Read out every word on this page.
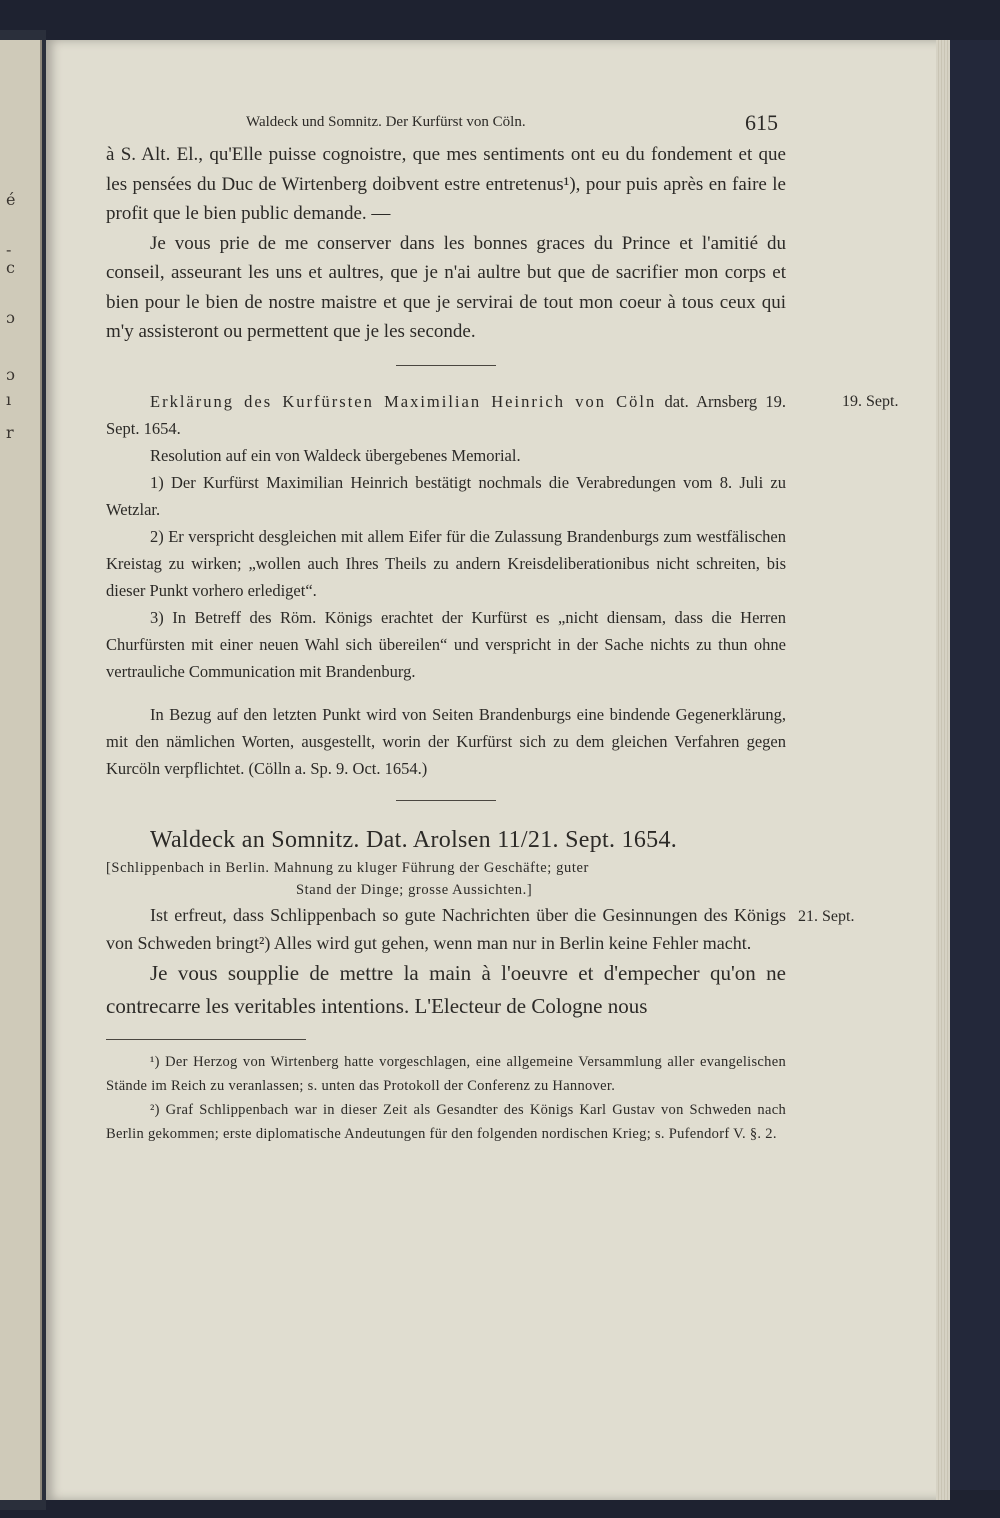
é
-
c
ɔ
ɔ
ı
r
Waldeck und Somnitz. Der Kurfürst von Cöln.	615

à S. Alt. El., qu'Elle puisse cognoistre, que mes sentiments ont eu du fondement et que les pensées du Duc de Wirtenberg doibvent estre entretenus¹), pour puis après en faire le profit que le bien public demande. —

Je vous prie de me conserver dans les bonnes graces du Prince et l'amitié du conseil, asseurant les uns et aultres, que je n'ai aultre but que de sacrifier mon corps et bien pour le bien de nostre maistre et que je servirai de tout mon coeur à tous ceux qui m'y assisteront ou permettent que je les seconde.

19. Sept.
Erklärung des Kurfürsten Maximilian Heinrich von Cöln dat. Arnsberg 19. Sept. 1654.

Resolution auf ein von Waldeck übergebenes Memorial.

1) Der Kurfürst Maximilian Heinrich bestätigt nochmals die Verabredungen vom 8. Juli zu Wetzlar.

2) Er verspricht desgleichen mit allem Eifer für die Zulassung Brandenburgs zum westfälischen Kreistag zu wirken; „wollen auch Ihres Theils zu andern Kreisdeliberationibus nicht schreiten, bis dieser Punkt vorhero erlediget“.

3) In Betreff des Röm. Königs erachtet der Kurfürst es „nicht diensam, dass die Herren Churfürsten mit einer neuen Wahl sich übereilen“ und verspricht in der Sache nichts zu thun ohne vertrauliche Communication mit Brandenburg.

In Bezug auf den letzten Punkt wird von Seiten Brandenburgs eine bindende Gegenerklärung, mit den nämlichen Worten, ausgestellt, worin der Kurfürst sich zu dem gleichen Verfahren gegen Kurcöln verpflichtet. (Cölln a. Sp. 9. Oct. 1654.)

Waldeck an Somnitz. Dat. Arolsen 11/21. Sept. 1654.

[Schlippenbach in Berlin. Mahnung zu kluger Führung der Geschäfte; guter

Stand der Dinge; grosse Aussichten.]

21. Sept.
Ist erfreut, dass Schlippenbach so gute Nachrichten über die Gesinnungen des Königs von Schweden bringt²) Alles wird gut gehen, wenn man nur in Berlin keine Fehler macht.

Je vous soupplie de mettre la main à l'oeuvre et d'empecher qu'on ne contrecarre les veritables intentions. L'Electeur de Cologne nous

¹) Der Herzog von Wirtenberg hatte vorgeschlagen, eine allgemeine Versammlung aller evangelischen Stände im Reich zu veranlassen; s. unten das Protokoll der Conferenz zu Hannover.

²) Graf Schlippenbach war in dieser Zeit als Gesandter des Königs Karl Gustav von Schweden nach Berlin gekommen; erste diplomatische Andeutungen für den folgenden nordischen Krieg; s. Pufendorf V. §. 2.
